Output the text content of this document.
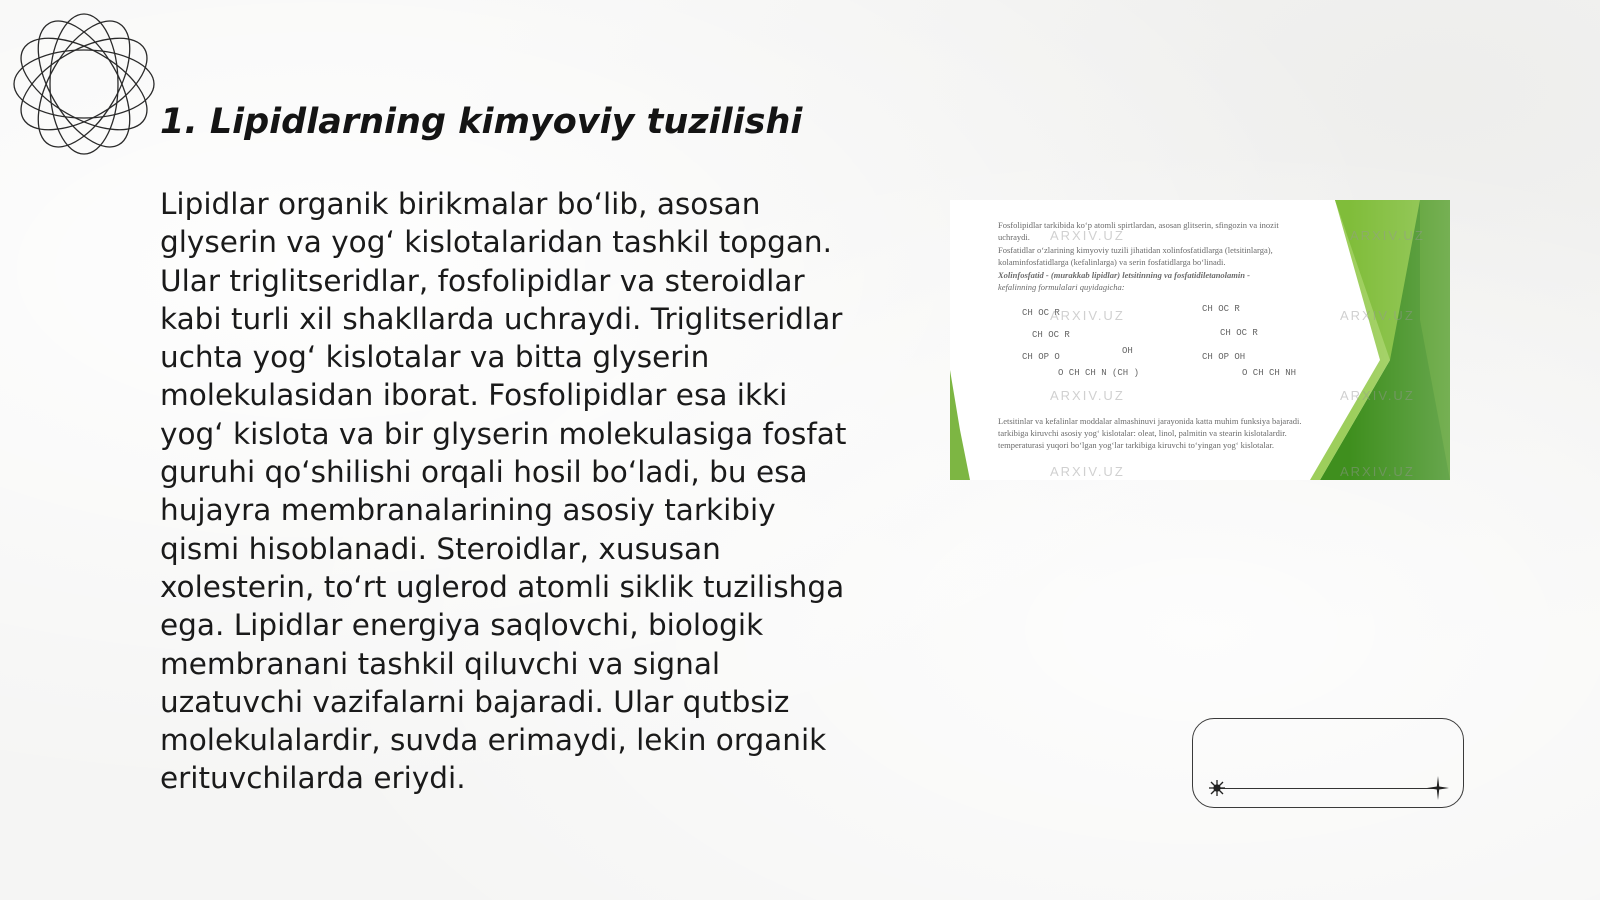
1. Lipidlarning kimyoviy tuzilishi

Lipidlar organik birikmalar bo‘lib, asosan glyserin va yog‘ kislotalaridan tashkil topgan. Ular triglitseridlar, fosfolipidlar va steroidlar kabi turli xil shakllarda uchraydi. Triglitseridlar uchta yog‘ kislotalar va bitta glyserin molekulasidan iborat. Fosfolipidlar esa ikki yog‘ kislota va bir glyserin molekulasiga fosfat guruhi qo‘shilishi orqali hosil bo‘ladi, bu esa hujayra membranalarining asosiy tarkibiy qismi hisoblanadi. Steroidlar, xususan xolesterin, to‘rt uglerod atomli siklik tuzilishga ega. Lipidlar energiya saqlovchi, biologik membranani tashkil qiluvchi va signal uzatuvchi vazifalarni bajaradi. Ular qutbsiz molekulalardir, suvda erimaydi, lekin organik erituvchilarda eriydi.

Fosfolipidlar tarkibida ko‘p atomli spirtlardan, asosan glitserin, sfingozin va inozit
uchraydi.
Fosfatidlar o‘zlarining kimyoviy tuzili jihatidan xolinfosfatidlarga (letsitinlarga),
kolaminfosfatidlarga (kefalinlarga) va serin fosfatidlarga bo‘linadi.
Xolinfosfatid - (murakkab lipidlar) letsitinning va fosfatidiletanolamin -
kefalinning formulalari quyidagicha:
CH OC R
CH OC R
CH OP O
O CH CH N (CH )
OH
CH OC R
CH OC R
CH OP OH
O CH CH NH
Letsitinlar va kefalinlar moddalar almashinuvi jarayonida katta muhim funksiya bajaradi.
tarkibiga kiruvchi asosiy yog‘ kislotalar: oleat, linol, palmitin va stearin kislotalardir.
temperaturasi yuqori bo‘lgan yog‘lar tarkibiga kiruvchi to‘yingan yog‘ kislotalar.
ARXIV.UZ	ARXIV.UZ
ARXIV.UZ	ARXIV.UZ
ARXIV.UZ	ARXIV.UZ
ARXIV.UZ	ARXIV.UZ
